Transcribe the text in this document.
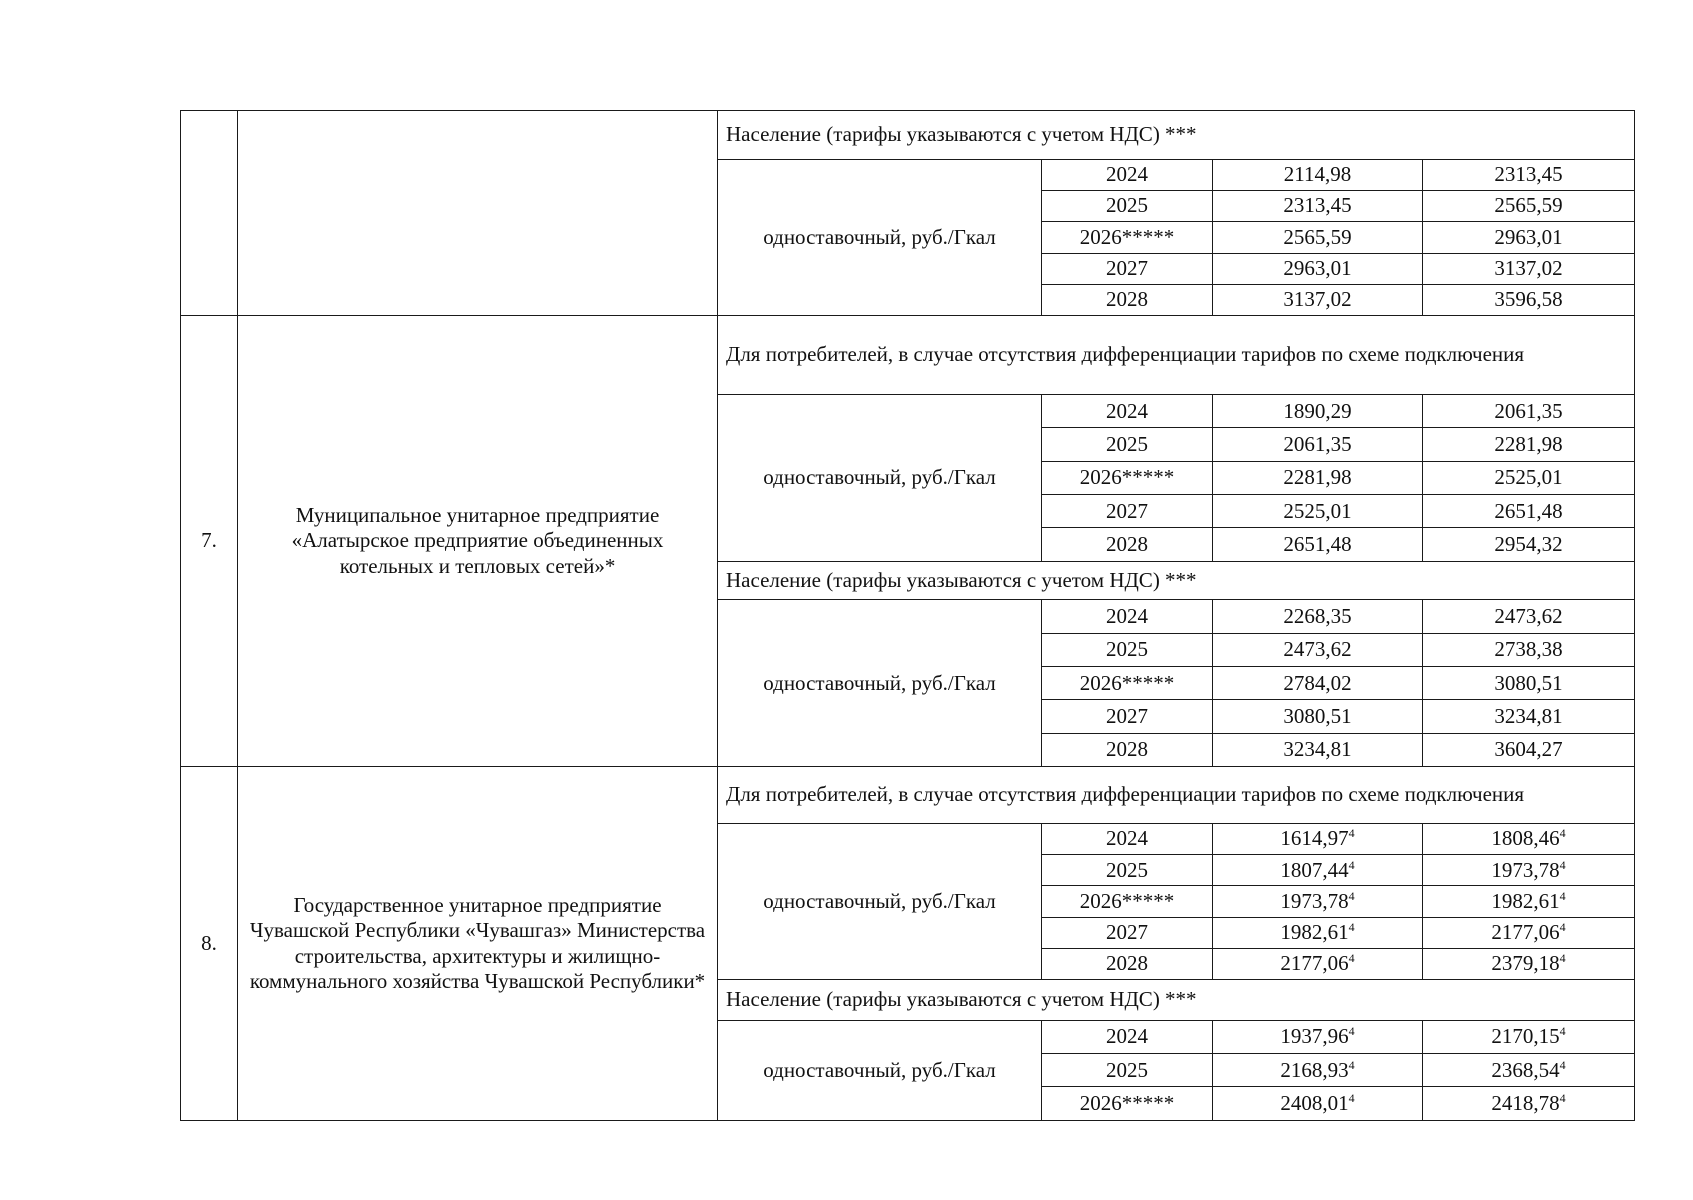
		Население (тарифы указываются с учетом НДС) ***			
		одноставочный, руб./Гкал	2024	2114,98	2313,45
			2025	2313,45	2565,59
			2026*****	2565,59	2963,01
			2027	2963,01	3137,02
			2028	3137,02	3596,58
7.	Муниципальное унитарное предприятие «Алатырское предприятие объединенных котельных и тепловых сетей»*	Для потребителей, в случае отсутствия дифференциации тарифов по схеме подключения			
		одноставочный, руб./Гкал	2024	1890,29	2061,35
			2025	2061,35	2281,98
			2026*****	2281,98	2525,01
			2027	2525,01	2651,48
			2028	2651,48	2954,32
		Население (тарифы указываются с учетом НДС) ***			
		одноставочный, руб./Гкал	2024	2268,35	2473,62
			2025	2473,62	2738,38
			2026*****	2784,02	3080,51
			2027	3080,51	3234,81
			2028	3234,81	3604,27
8.	Государственное унитарное предприятие Чувашской Республики «Чувашгаз» Министерства строительства, архитектуры и жилищно-коммунального хозяйства Чувашской Республики*	Для потребителей, в случае отсутствия дифференциации тарифов по схеме подключения			
		одноставочный, руб./Гкал	2024	1614,97$^4$	1808,46$^4$
			2025	1807,44$^4$	1973,78$^4$
			2026*****	1973,78$^4$	1982,61$^4$
			2027	1982,61$^4$	2177,06$^4$
			2028	2177,06$^4$	2379,18$^4$
		Население (тарифы указываются с учетом НДС) ***			
		одноставочный, руб./Гкал	2024	1937,96$^4$	2170,15$^4$
			2025	2168,93$^4$	2368,54$^4$
			2026*****	2408,01$^4$	2418,78$^4$
